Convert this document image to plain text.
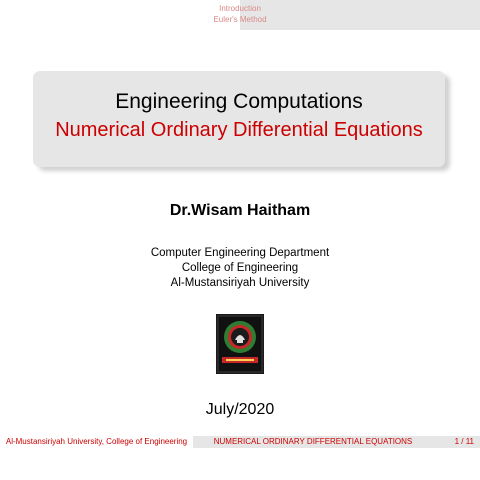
Introduction
Euler's Method
Engineering Computations
Numerical Ordinary Differential Equations
Dr.Wisam Haitham
Computer Engineering Department
College of Engineering
Al-Mustansiriyah University
July/2020
Al-Mustansiriyah University, College of Engineering	NUMERICAL ORDINARY DIFFERENTIAL EQUATIONS	1 / 11
